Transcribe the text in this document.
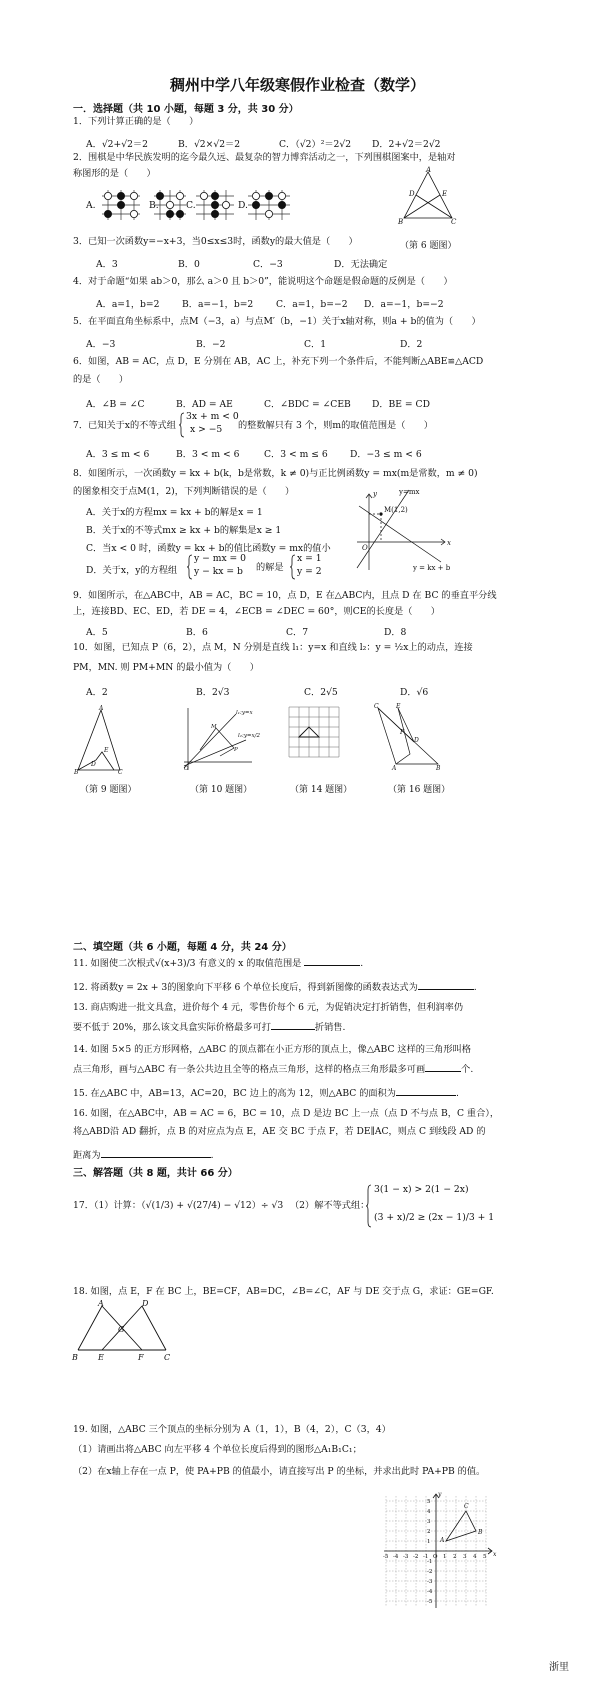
稠州中学八年级寒假作业检查（数学）
一．选择题（共 10 小题，每题 3 分，共 30 分）
1．下列计算正确的是（　　）
A．√2+√2＝2	B．√2×√2＝2	C．（√2）²＝2√2 D．2+√2＝2√2
2．围棋是中华民族发明的迄今最久远、最复杂的智力博弈活动之一，下列围棋图案中，是轴对
称图形的是（　　）
A.	B.	C.	D.
A
B	C
D	E
（第 6 题图）
3．已知一次函数y=−x+3，当0≤x≤3时，函数y的最大值是（　　）
A．3	B．0	C．−3	D．无法确定
4．对于命题“如果 ab＞0，那么 a＞0 且 b＞0”，能说明这个命题是假命题的反例是（　　）
A．a=1，b=2 B．a=−1，b=2 C．a=1，b=−2 D．a=−1，b=−2
5．在平面直角坐标系中，点M（−3，a）与点M′（b，−1）关于x轴对称，则a + b的值为（　　）
A．−3	B．−2	C．1	D．2
6．如图，AB = AC，点 D，E 分别在 AB，AC 上，补充下列一个条件后，不能判断△ABE≌△ACD
的是（　　）
A．∠B = ∠C	B．AD = AE	C．∠BDC = ∠CEB D．BE = CD
7．已知关于x的不等式组
3x + m < 0
x > −5 的整数解只有 3 个，则m的取值范围是（　　）
A．3 ≤ m < 6	B．3 < m < 6	C．3 < m ≤ 6 D．−3 ≤ m < 6
8．如图所示，一次函数y = kx + b(k，b是常数，k ≠ 0)与正比例函数y = mx(m是常数，m ≠ 0)
的图象相交于点M(1，2)，下列判断错误的是（　　）
A．关于x的方程mx = kx + b的解是x = 1
B．关于x的不等式mx ≥ kx + b的解集是x ≥ 1
C．当x < 0 时，函数y = kx + b的值比函数y = mx的值小
D．关于x，y的方程组
y − mx = 0
y − kx = b 的解是
x = 1
y = 2
y
x
O
M(1,2)
y=mx
y = kx + b
9．如图所示，在△ABC中，AB = AC，BC = 10，点 D，E 在△ABC内，且点 D 在 BC 的垂直平分线
上，连接BD、EC、ED，若 DE = 4，∠ECB = ∠DEC = 60°，则CE的长度是（　　）
A．5	B．6	C．7	D．8
10．如图，已知点 P（6，2），点 M，N 分别是直线 l₁：y=x 和直线 l₂：y = ½x上的动点，连接
PM，MN. 则 PM+MN 的最小值为（　　）
A．2	B．2√3	C．2√5	D．√6
A
B	C
D
E
l₁:y=x
l₂:y=x/2
M
P
O
C	E
D
A	B
F
（第 9 题图）	（第 10 题图）	（第 14 题图）	（第 16 题图）
二、填空题（共 6 小题，每题 4 分，共 24 分）
11. 如图使二次根式√(x+3)/3 有意义的 x 的取值范围是	.
12. 将函数y = 2x + 3的图象向下平移 6 个单位长度后，得到新图像的函数表达式为	.
13. 商店购进一批文具盒，进价每个 4 元，零售价每个 6 元，为促销决定打折销售，但利润率仍
要不低于 20%，那么该文具盒实际价格最多可打	折销售.
14. 如图 5×5 的正方形网格，△ABC 的顶点都在小正方形的顶点上，像△ABC 这样的三角形叫格
点三角形，画与△ABC 有一条公共边且全等的格点三角形，这样的格点三角形最多可画	个.
15. 在△ABC 中，AB=13，AC=20，BC 边上的高为 12，则△ABC 的面积为	.
16. 如图，在△ABC中，AB = AC = 6，BC = 10，点 D 是边 BC 上一点（点 D 不与点 B，C 重合），
将△ABD沿 AD 翻折，点 B 的对应点为点 E，AE 交 BC 于点 F，若 DE∥AC，则点 C 到线段 AD 的
距离为	.
三、解答题（共 8 题，共计 66 分）
17．（1）计算：（√(1/3) + √(27/4) − √12）÷ √3 （2）解不等式组：
3(1 − x) > 2(1 − 2x)
(3 + x)/2 ≥ (2x − 1)/3 + 1
18. 如图，点 E，F 在 BC 上，BE=CF，AB=DC，∠B=∠C，AF 与 DE 交于点 G，求证：GE=GF.
A	D
G
B	E	F	C
19. 如图，△ABC 三个顶点的坐标分别为 A（1，1），B（4，2），C（3，4）
（1）请画出将△ABC 向左平移 4 个单位长度后得到的图形△A₁B₁C₁；
（2）在x轴上存在一点 P，使 PA+PB 的值最小，请直接写出 P 的坐标，并求出此时 PA+PB 的值。
-5 -4 -3 -2 -1 O 1 2 3 4 5
5
4
3
2
1
-1
-2
-3
-4
-5
A
B
C
x
y
浙里
